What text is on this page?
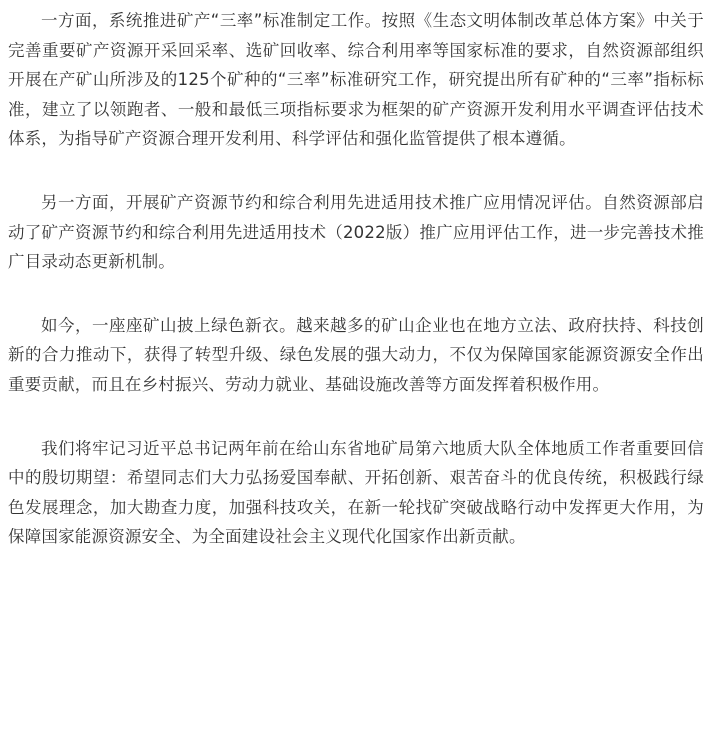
一方面，系统推进矿产“三率”标准制定工作。按照《生态文明体制改革总体方案》中关于完善重要矿产资源开采回采率、选矿回收率、综合利用率等国家标准的要求，自然资源部组织开展在产矿山所涉及的125个矿种的“三率”标准研究工作，研究提出所有矿种的“三率”指标标准，建立了以领跑者、一般和最低三项指标要求为框架的矿产资源开发利用水平调查评估技术体系，为指导矿产资源合理开发利用、科学评估和强化监管提供了根本遵循。

另一方面，开展矿产资源节约和综合利用先进适用技术推广应用情况评估。自然资源部启动了矿产资源节约和综合利用先进适用技术（2022版）推广应用评估工作，进一步完善技术推广目录动态更新机制。

如今，一座座矿山披上绿色新衣。越来越多的矿山企业也在地方立法、政府扶持、科技创新的合力推动下，获得了转型升级、绿色发展的强大动力，不仅为保障国家能源资源安全作出重要贡献，而且在乡村振兴、劳动力就业、基础设施改善等方面发挥着积极作用。

我们将牢记习近平总书记两年前在给山东省地矿局第六地质大队全体地质工作者重要回信中的殷切期望：希望同志们大力弘扬爱国奉献、开拓创新、艰苦奋斗的优良传统，积极践行绿色发展理念，加大勘查力度，加强科技攻关，在新一轮找矿突破战略行动中发挥更大作用，为保障国家能源资源安全、为全面建设社会主义现代化国家作出新贡献。
